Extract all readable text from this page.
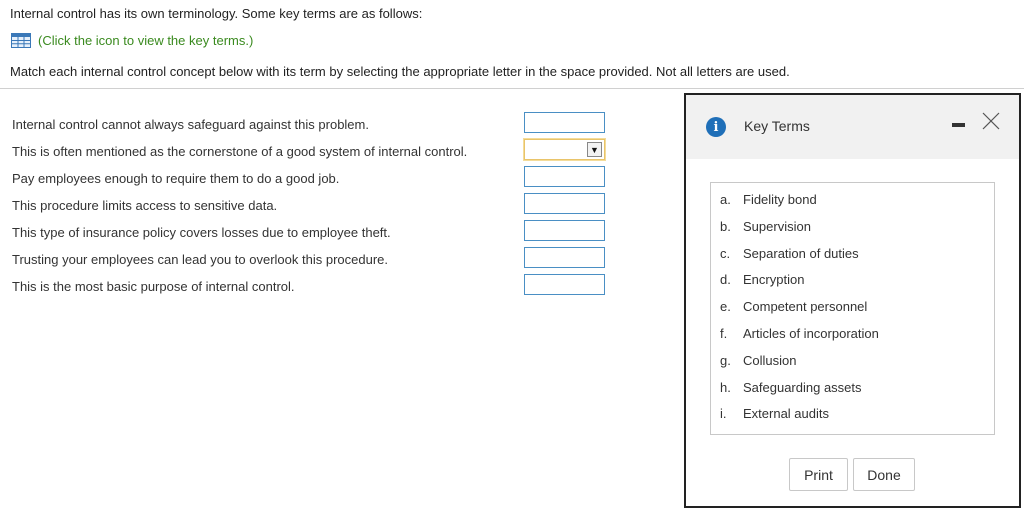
Internal control has its own terminology. Some key terms are as follows:
(Click the icon to view the key terms.)
Match each internal control concept below with its term by selecting the appropriate letter in the space provided. Not all letters are used.
Internal control cannot always safeguard against this problem.
This is often mentioned as the cornerstone of a good system of internal control.
Pay employees enough to require them to do a good job.
This procedure limits access to sensitive data.
This type of insurance policy covers losses due to employee theft.
Trusting your employees can lead you to overlook this procedure.
This is the most basic purpose of internal control.
▼
i	Key Terms
a. Fidelity bond
b. Supervision
c. Separation of duties
d. Encryption
e. Competent personnel
f.	Articles of incorporation
g. Collusion
h. Safeguarding assets
i.	External audits
Print	Done
